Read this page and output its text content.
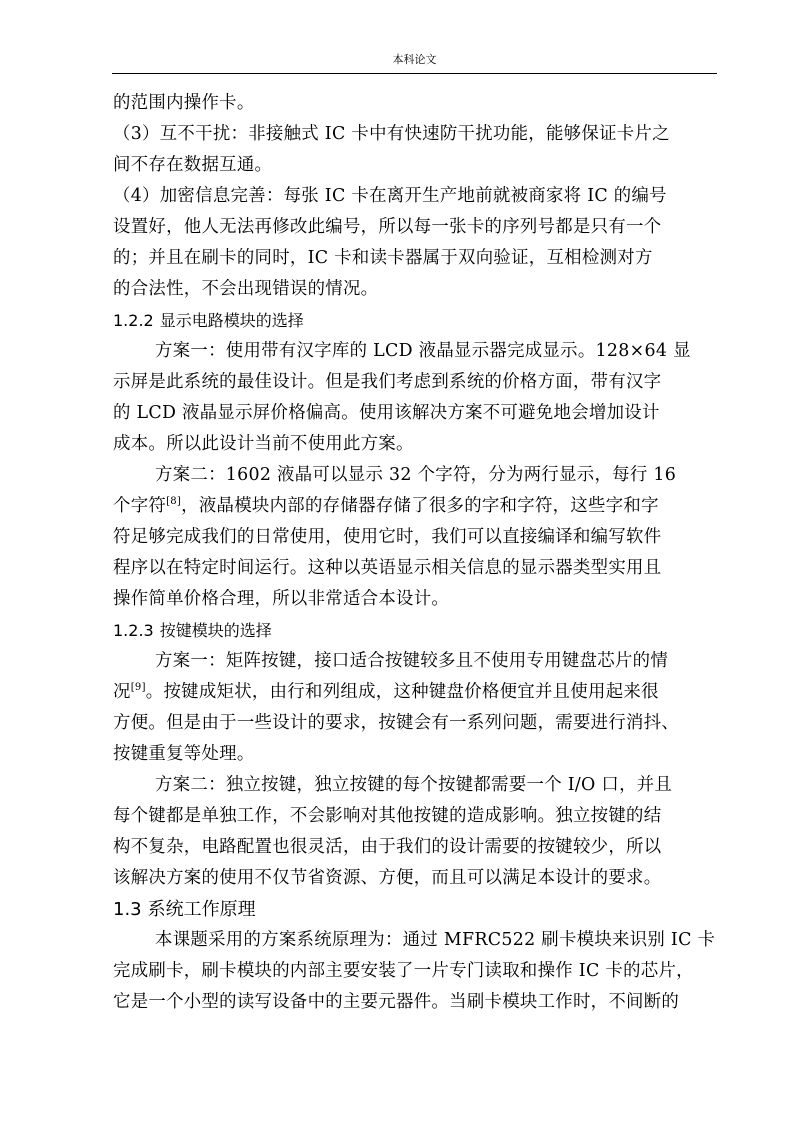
本科论文
的范围内操作卡。
（3）互不干扰：非接触式 IC 卡中有快速防干扰功能，能够保证卡片之
间不存在数据互通。
（4）加密信息完善：每张 IC 卡在离开生产地前就被商家将 IC 的编号
设置好，他人无法再修改此编号，所以每一张卡的序列号都是只有一个
的；并且在刷卡的同时，IC 卡和读卡器属于双向验证，互相检测对方
的合法性，不会出现错误的情况。
1.2.2 显示电路模块的选择
方案一：使用带有汉字库的 LCD 液晶显示器完成显示。128×64 显
示屏是此系统的最佳设计。但是我们考虑到系统的价格方面，带有汉字
的 LCD 液晶显示屏价格偏高。使用该解决方案不可避免地会增加设计
成本。所以此设计当前不使用此方案。
方案二：1602 液晶可以显示 32 个字符，分为两行显示，每行 16
个字符[8]，液晶模块内部的存储器存储了很多的字和字符，这些字和字
符足够完成我们的日常使用，使用它时，我们可以直接编译和编写软件
程序以在特定时间运行。这种以英语显示相关信息的显示器类型实用且
操作简单价格合理，所以非常适合本设计。
1.2.3 按键模块的选择
方案一：矩阵按键，接口适合按键较多且不使用专用键盘芯片的情
况[9]。按键成矩状，由行和列组成，这种键盘价格便宜并且使用起来很
方便。但是由于一些设计的要求，按键会有一系列问题，需要进行消抖、
按键重复等处理。
方案二：独立按键，独立按键的每个按键都需要一个 I/O 口，并且
每个键都是单独工作，不会影响对其他按键的造成影响。独立按键的结
构不复杂，电路配置也很灵活，由于我们的设计需要的按键较少，所以
该解决方案的使用不仅节省资源、方便，而且可以满足本设计的要求。
1.3 系统工作原理
本课题采用的方案系统原理为：通过 MFRC522 刷卡模块来识别 IC 卡
完成刷卡，刷卡模块的内部主要安装了一片专门读取和操作 IC 卡的芯片，
它是一个小型的读写设备中的主要元器件。当刷卡模块工作时，不间断的
